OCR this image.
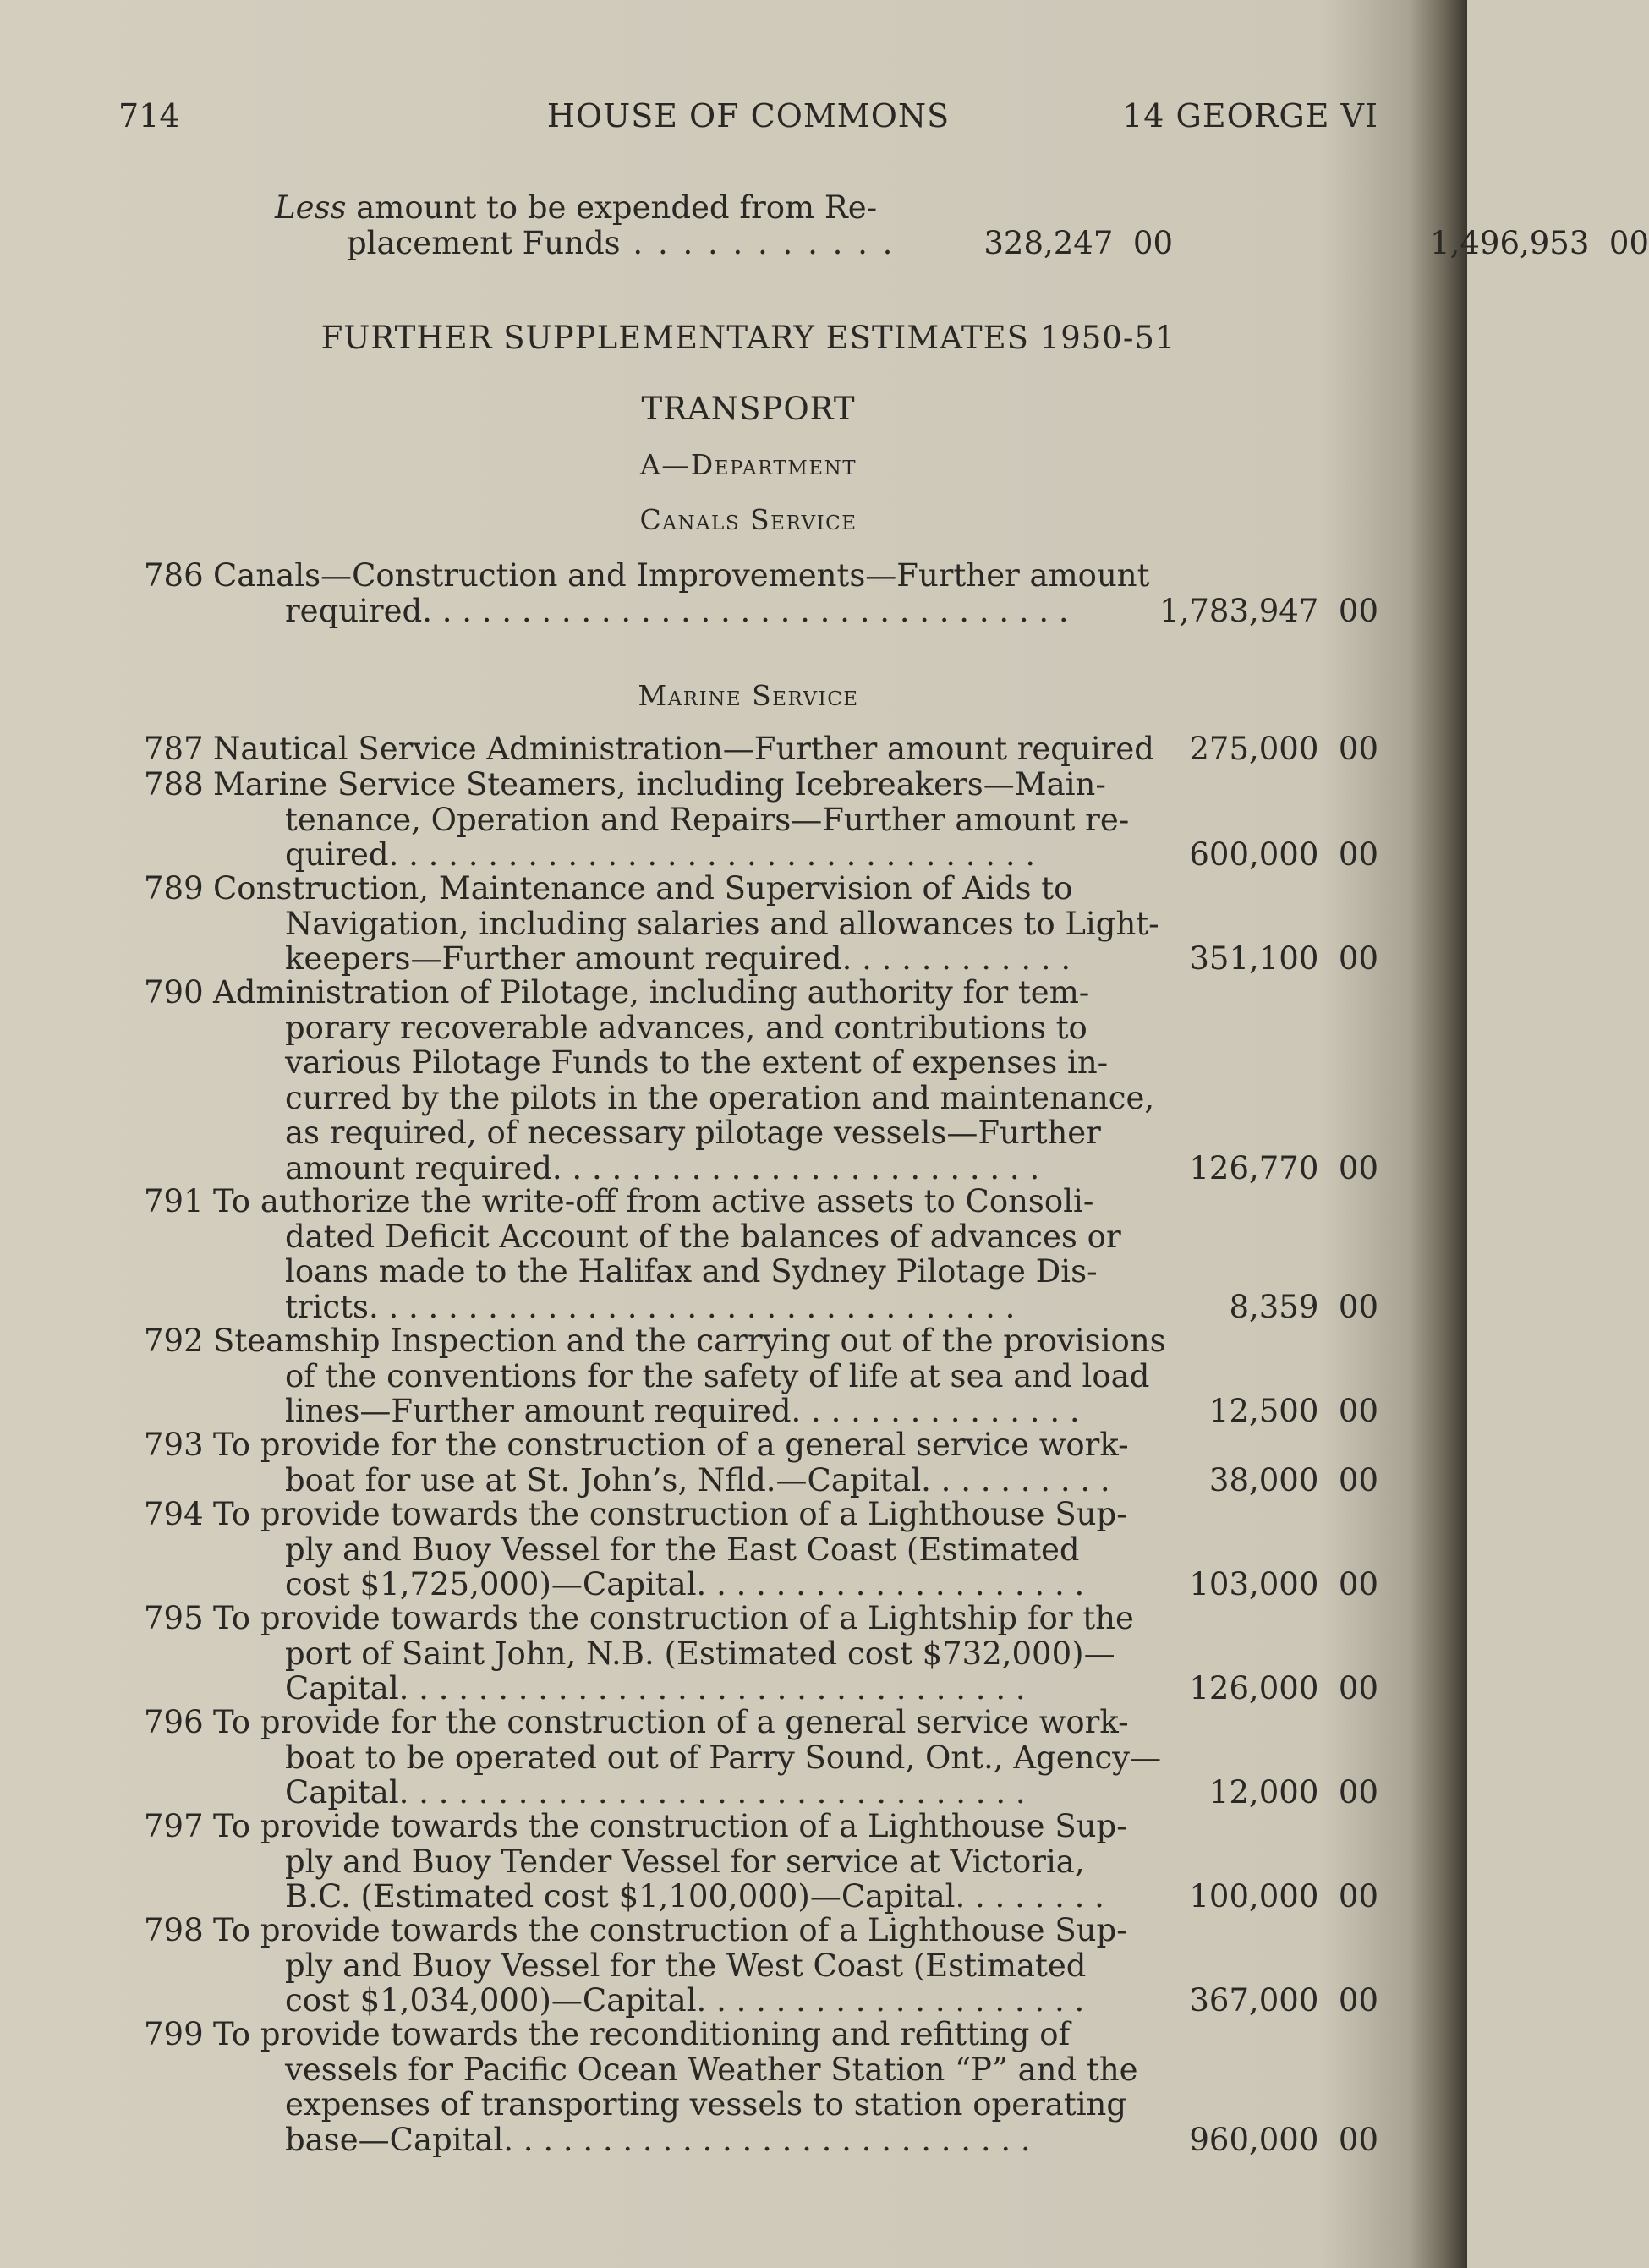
714	HOUSE OF COMMONS	14 GEORGE VI
Less amount to be expended from Re-
placement Funds . . . . . . . . . . .	328,247 00	1,496,953 00
FURTHER SUPPLEMENTARY ESTIMATES 1950-51
TRANSPORT
A—Department
Canals Service
Marine Service
786 Canals—Construction and Improvements—Further amount
required. . . . . . . . . . . . . . . . . . . . . . . . . . . . . . . . .	1,783,947 00
787 Nautical Service Administration—Further amount required	275,000 00
788 Marine Service Steamers, including Icebreakers—Main-
tenance, Operation and Repairs—Further amount re-
quired. . . . . . . . . . . . . . . . . . . . . . . . . . . . . . . . .	600,000 00
789 Construction, Maintenance and Supervision of Aids to
Navigation, including salaries and allowances to Light-
keepers—Further amount required. . . . . . . . . . . .	351,100 00
790 Administration of Pilotage, including authority for tem-
porary recoverable advances, and contributions to
various Pilotage Funds to the extent of expenses in-
curred by the pilots in the operation and maintenance,
as required, of necessary pilotage vessels—Further
amount required. . . . . . . . . . . . . . . . . . . . . . . . .	126,770 00
791 To authorize the write-off from active assets to Consoli-
dated Deficit Account of the balances of advances or
loans made to the Halifax and Sydney Pilotage Dis-
tricts. . . . . . . . . . . . . . . . . . . . . . . . . . . . . . . . .	8,359 00
792 Steamship Inspection and the carrying out of the provisions
of the conventions for the safety of life at sea and load
lines—Further amount required. . . . . . . . . . . . . . .	12,500 00
793 To provide for the construction of a general service work-
boat for use at St. John’s, Nfld.—Capital. . . . . . . . . .	38,000 00
794 To provide towards the construction of a Lighthouse Sup-
ply and Buoy Vessel for the East Coast (Estimated
cost $1,725,000)—Capital. . . . . . . . . . . . . . . . . . . .	103,000 00
795 To provide towards the construction of a Lightship for the
port of Saint John, N.B. (Estimated cost $732,000)—
Capital. . . . . . . . . . . . . . . . . . . . . . . . . . . . . . . .	126,000 00
796 To provide for the construction of a general service work-
boat to be operated out of Parry Sound, Ont., Agency—
Capital. . . . . . . . . . . . . . . . . . . . . . . . . . . . . . . .	12,000 00
797 To provide towards the construction of a Lighthouse Sup-
ply and Buoy Tender Vessel for service at Victoria,
B.C. (Estimated cost $1,100,000)—Capital. . . . . . . .	100,000 00
798 To provide towards the construction of a Lighthouse Sup-
ply and Buoy Vessel for the West Coast (Estimated
cost $1,034,000)—Capital. . . . . . . . . . . . . . . . . . . .	367,000 00
799 To provide towards the reconditioning and refitting of
vessels for Pacific Ocean Weather Station “P” and the
expenses of transporting vessels to station operating
base—Capital. . . . . . . . . . . . . . . . . . . . . . . . . . .	960,000 00
